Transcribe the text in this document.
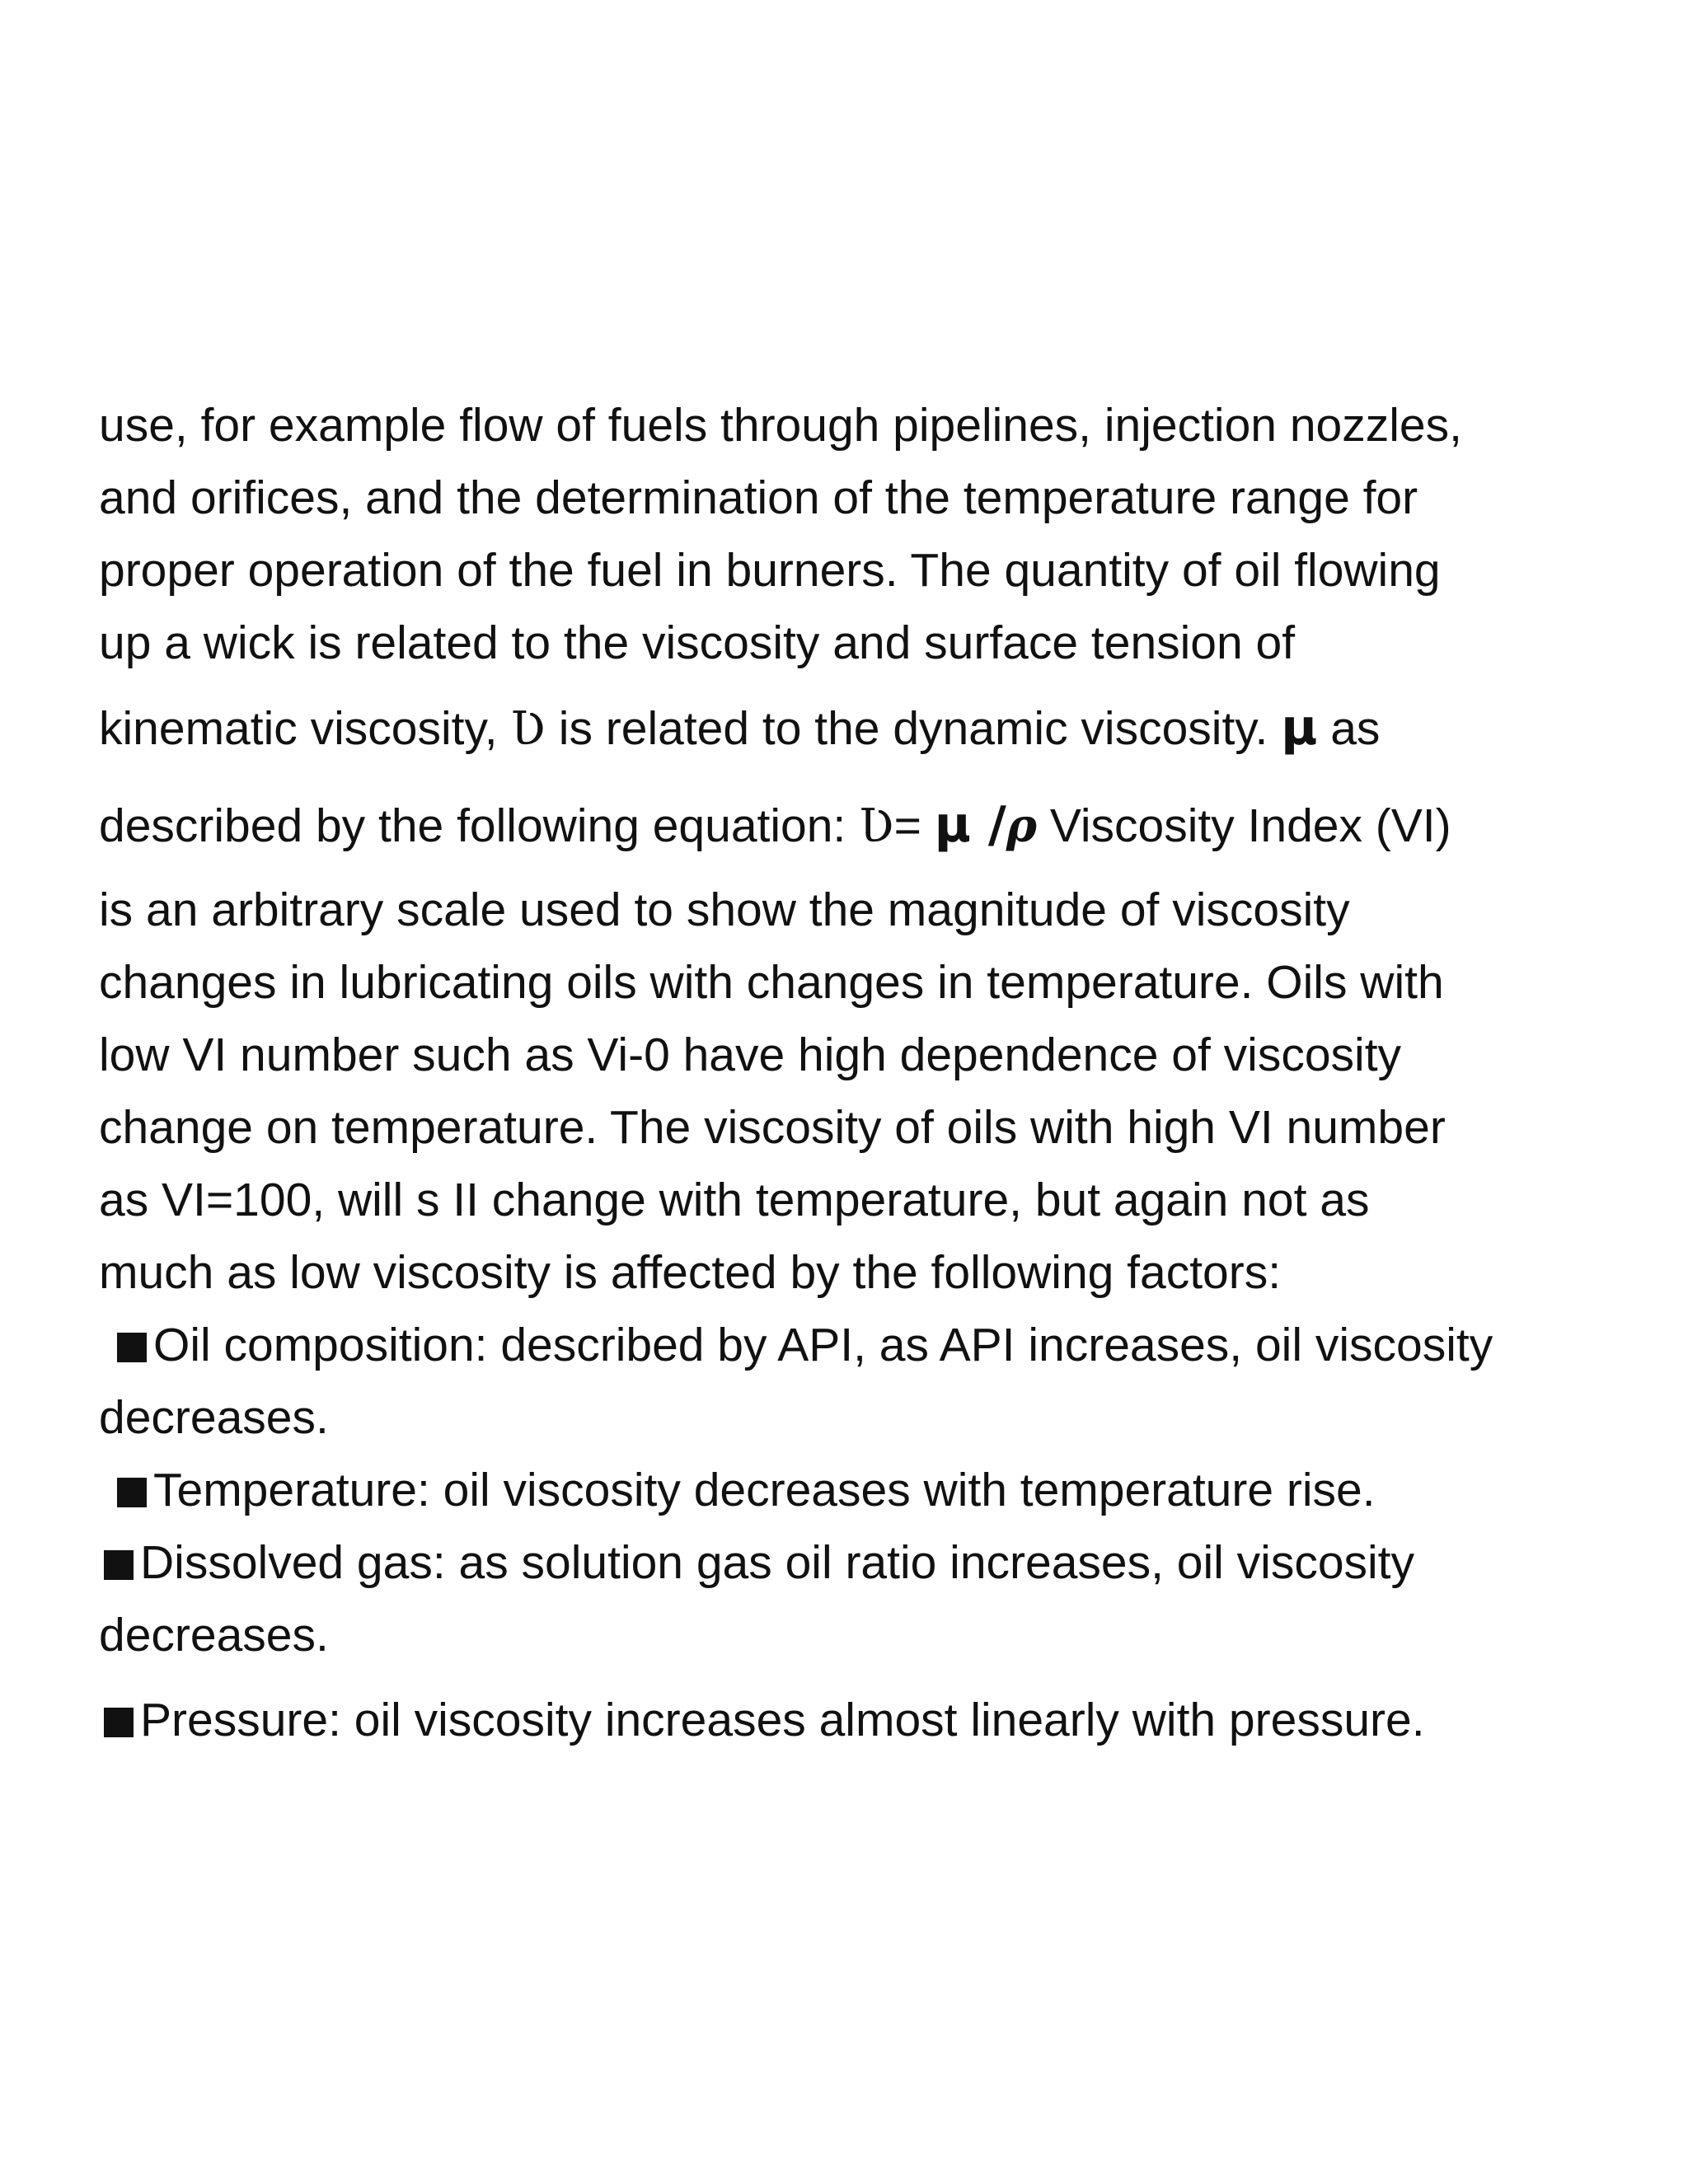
use, for example flow of fuels through pipelines, injection nozzles,
and orifices, and the determination of the temperature range for
proper operation of the fuel in burners. The quantity of oil flowing
up a wick is related to the viscosity and surface tension of
kinematic viscosity, Ʋ is related to the dynamic viscosity. µ as
described by the following equation: Ʋ= µ /ρ Viscosity Index (VI)
is an arbitrary scale used to show the magnitude of viscosity
changes in lubricating oils with changes in temperature. Oils with
low VI number such as Vi-0 have high dependence of viscosity
change on temperature. The viscosity of oils with high VI number
as VI=100, will s II change with temperature, but again not as
much as low viscosity is affected by the following factors:
Oil composition: described by API, as API increases, oil viscosity
decreases.
Temperature: oil viscosity decreases with temperature rise.
Dissolved gas: as solution gas oil ratio increases, oil viscosity
decreases.
Pressure: oil viscosity increases almost linearly with pressure.
